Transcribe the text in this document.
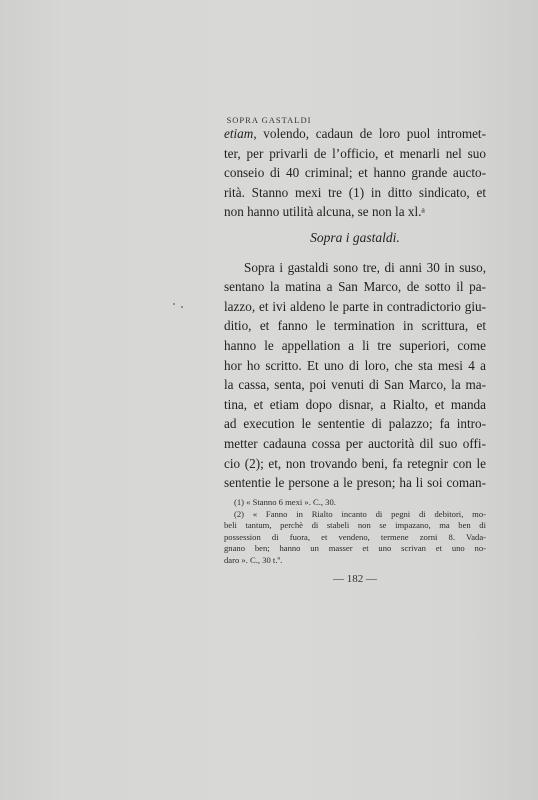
SOPRA GASTALDI

etiam, volendo, cadaun de loro puol intromet-
ter, per privarli de l’officio, et menarli nel suo
conseio di 40 criminal; et hanno grande aucto-
rità. Stanno mexi tre (1) in ditto sindicato, et
non hanno utilità alcuna, se non la xl.ᵃ

Sopra i gastaldi.

Sopra i gastaldi sono tre, di anni 30 in suso,
sentano la matina a San Marco, de sotto il pa-
lazzo, et ivi aldeno le parte in contradictorio giu-
ditio, et fanno le termination in scrittura, et
hanno le appellation a li tre superiori, come
hor ho scritto. Et uno di loro, che sta mesi 4 a
la cassa, senta, poi venuti di San Marco, la ma-
tina, et etiam dopo disnar, a Rialto, et manda
ad execution le sententie di palazzo; fa intro-
metter cadauna cossa per auctorità dil suo offi-
cio (2); et, non trovando beni, fa retegnir con le
sententie le persone a le preson; ha li soi coman-

(1) « Stanno 6 mexi ». C., 30.
(2) « Fanno in Rialto incanto di pegni di debitori, mo-
beli tantum, perchè di stabeli non se impazano, ma ben di
possession di fuora, et vendeno, termene zorni 8. Vada-
gnano ben; hanno un masser et uno scrivan et uno no-
daro ». C., 30 t.º.
— 182 —
